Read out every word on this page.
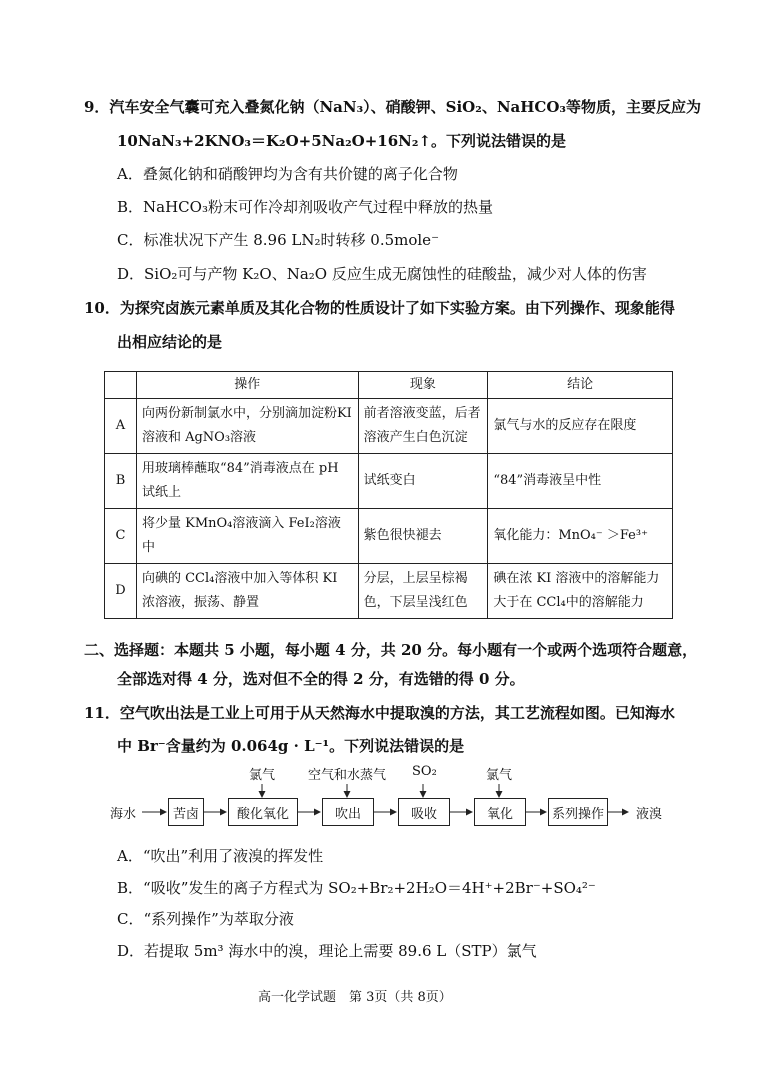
9．汽车安全气囊可充入叠氮化钠（NaN₃）、硝酸钾、SiO₂、NaHCO₃等物质，主要反应为
10NaN₃+2KNO₃＝K₂O+5Na₂O+16N₂↑。下列说法错误的是
A．叠氮化钠和硝酸钾均为含有共价键的离子化合物
B．NaHCO₃粉末可作冷却剂吸收产气过程中释放的热量
C．标准状况下产生 8.96 LN₂时转移 0.5mole⁻
D．SiO₂可与产物 K₂O、Na₂O 反应生成无腐蚀性的硅酸盐，减少对人体的伤害
10．为探究卤族元素单质及其化合物的性质设计了如下实验方案。由下列操作、现象能得
出相应结论的是
	操作	现象	结论
A	向两份新制氯水中，分别滴加淀粉KI 溶液和 AgNO₃溶液	前者溶液变蓝，后者溶液产生白色沉淀	氯气与水的反应存在限度
B	用玻璃棒蘸取“84”消毒液点在 pH 试纸上	试纸变白	“84”消毒液呈中性
C	将少量 KMnO₄溶液滴入 FeI₂溶液中	紫色很快褪去	氧化能力：MnO₄⁻ ＞Fe³⁺
D	向碘的 CCl₄溶液中加入等体积 KI 浓溶液，振荡、静置	分层，上层呈棕褐色，下层呈浅红色	碘在浓 KI 溶液中的溶解能力大于在 CCl₄中的溶解能力
二、选择题：本题共 5 小题，每小题 4 分，共 20 分。每小题有一个或两个选项符合题意，
全部选对得 4 分，选对但不全的得 2 分，有选错的得 0 分。
11．空气吹出法是工业上可用于从天然海水中提取溴的方法，其工艺流程如图。已知海水
中 Br⁻含量约为 0.064g · L⁻¹。下列说法错误的是
海水	液溴
苦卤	酸化氧化	吹出	吸收	氧化	系列操作
氯气	空气和水蒸气 SO₂	氯气
A．“吹出”利用了液溴的挥发性
B．“吸收”发生的离子方程式为 SO₂+Br₂+2H₂O＝4H⁺+2Br⁻+SO₄²⁻
C．“系列操作”为萃取分液
D．若提取 5m³ 海水中的溴，理论上需要 89.6 L（STP）氯气
高一化学试题　第 3页（共 8页）
